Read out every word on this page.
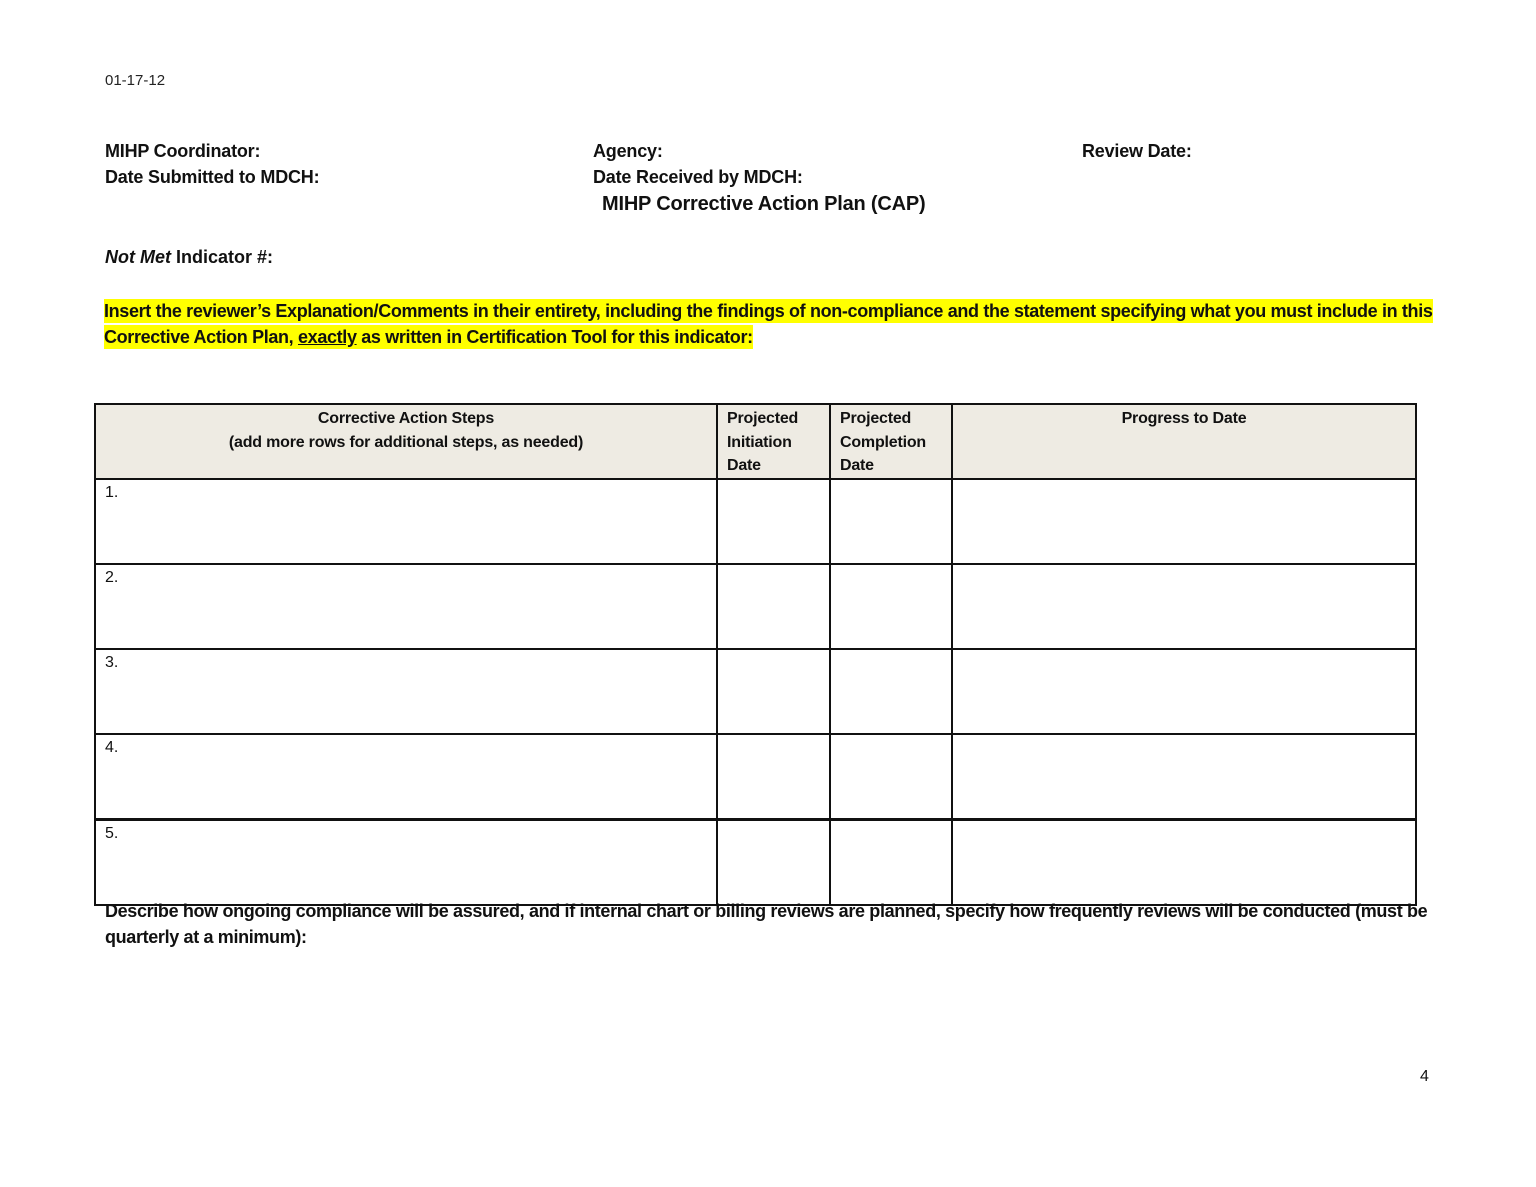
01-17-12
MIHP Coordinator:	Agency:	Review Date:
Date Submitted to MDCH:	Date Received by MDCH:
MIHP Corrective Action Plan (CAP)
Not Met Indicator #:
Insert the reviewer’s Explanation/Comments in their entirety, including the findings of non-compliance and the statement specifying what you must include in this Corrective Action Plan, exactly as written in Certification Tool for this indicator:
Corrective Action Steps
(add more rows for additional steps, as needed)	Projected Initiation Date	Projected Completion Date	Progress to Date
1.			
2.			
3.			
4.			
5.			
Describe how ongoing compliance will be assured, and if internal chart or billing reviews are planned, specify how frequently reviews will be conducted (must be quarterly at a minimum):
4
